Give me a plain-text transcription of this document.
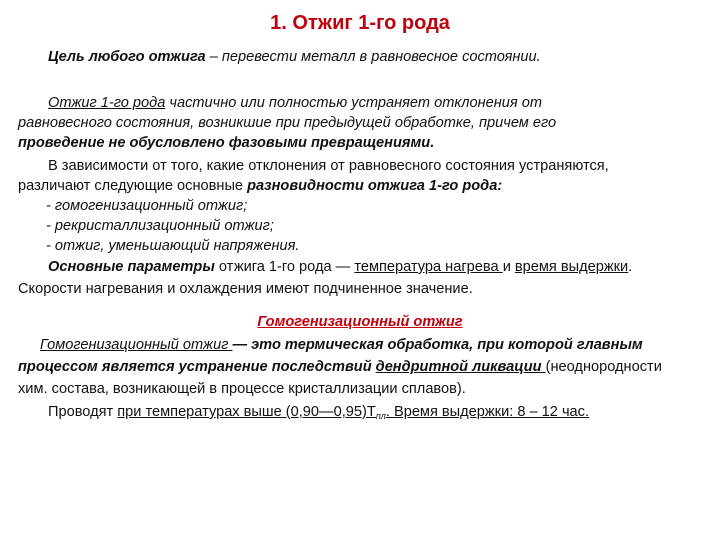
1. Отжиг 1-го рода
Цель любого отжига – перевести металл в равновесное состоянии.
Отжиг 1-го рода частично или полностью устраняет отклонения от
равновесного состояния, возникшие при предыдущей обработке, причем его
проведение не обусловлено фазовыми превращениями.
В зависимости от того, какие отклонения от равновесного состояния устраняются,
различают следующие основные разновидности отжига 1-го рода:
- гомогенизационный отжиг;
- рекристаллизационный отжиг;
- отжиг, уменьшающий напряжения.
Основные параметры отжига 1-го рода — температура нагрева и время выдержки.
Скорости нагревания и охлаждения имеют подчиненное значение.
Гомогенизационный отжиг
Гомогенизационный отжиг — это термическая обработка, при которой главным
процессом является устранение последствий дендритной ликвации (неоднородности
хим. состава, возникающей в процессе кристаллизации сплавов).
Проводят при температурах выше $(0,90—0,95)T_{пл}$. Время выдержки: 8 – 12 час.
